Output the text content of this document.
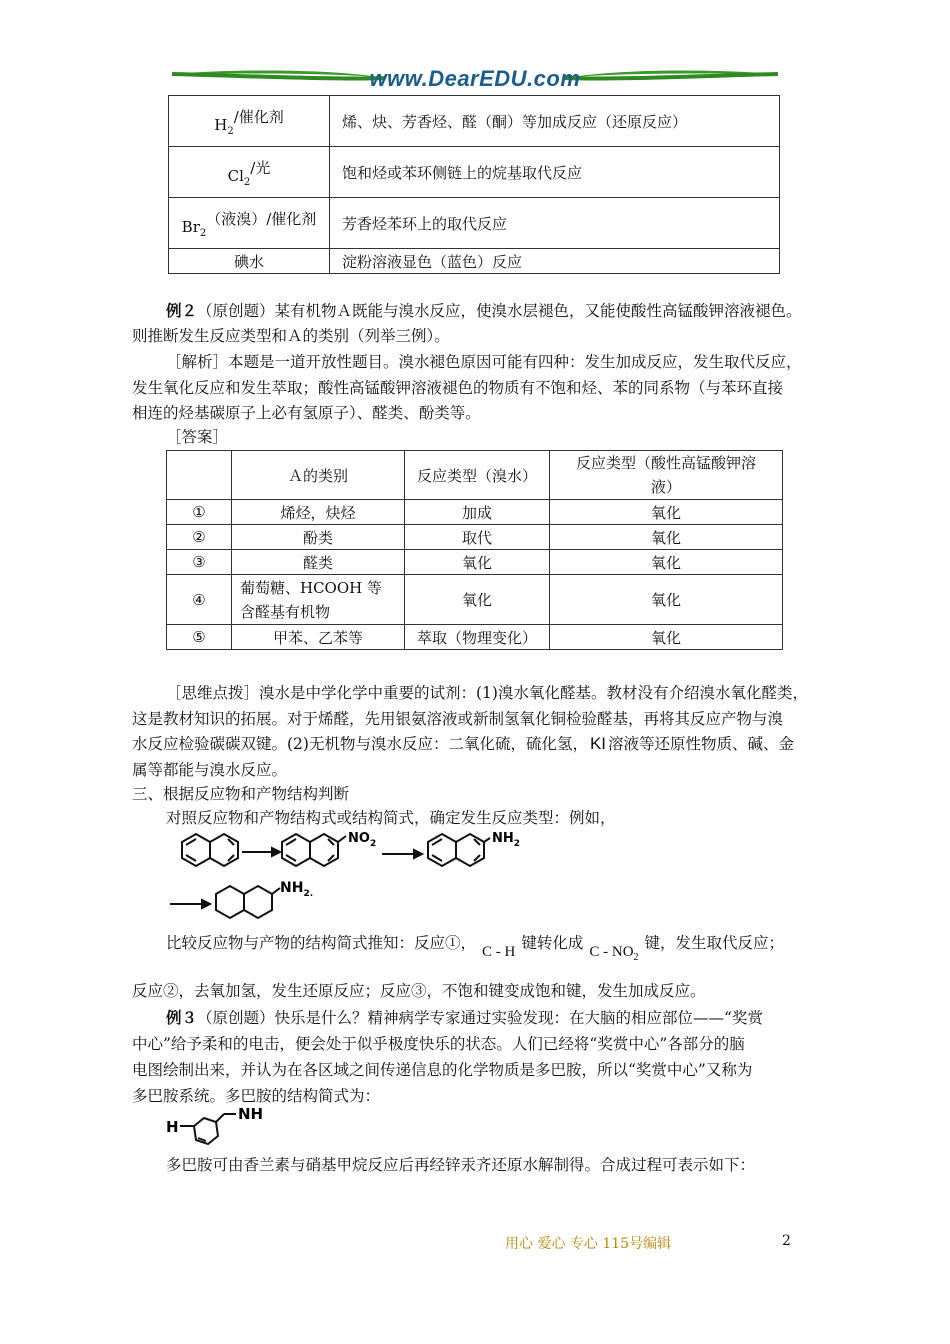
www.DearEDU.com
$H_2/$催化剂	烯、炔、芳香烃、醛（酮）等加成反应（还原反应）
$Cl_2/$光	饱和烃或苯环侧链上的烷基取代反应
$Br_2$（液溴）/催化剂	芳香烃苯环上的取代反应
碘水	淀粉溶液显色（蓝色）反应
例２（原创题）某有机物Ａ既能与溴水反应，使溴水层褪色，又能使酸性高锰酸钾溶液褪色。
则推断发生反应类型和Ａ的类别（列举三例）。
［解析］本题是一道开放性题目。溴水褪色原因可能有四种：发生加成反应，发生取代反应，
发生氧化反应和发生萃取；酸性高锰酸钾溶液褪色的物质有不饱和烃、苯的同系物（与苯环直接
相连的烃基碳原子上必有氢原子）、醛类、酚类等。
［答案］
	Ａ的类别	反应类型（溴水）	反应类型（酸性高锰酸钾溶
液）

①	烯烃，炔烃	加成	氧化
②	酚类	取代	氧化
③	醛类	氧化	氧化
④	葡萄糖、HCOOH 等
含醛基有机物	氧化	氧化
⑤	甲苯、乙苯等	萃取（物理变化）	氧化
［思维点拨］溴水是中学化学中重要的试剂：(1)溴水氧化醛基。教材没有介绍溴水氧化醛类，
这是教材知识的拓展。对于烯醛，先用银氨溶液或新制氢氧化铜检验醛基，再将其反应产物与溴
水反应检验碳碳双键。(2)无机物与溴水反应：二氧化硫，硫化氢， KI 溶液等还原性物质、碱、金
属等都能与溴水反应。
三、根据反应物和产物结构判断
对照反应物和产物结构式或结构简式，确定发生反应类型：例如，
$NO_2$	$NH_2$
$NH_{2.}$
比较反应物与产物的结构简式推知：反应①， C - H 键转化成 C - $NO_2$键，发生取代反应；
反应②，去氧加氢，发生还原反应；反应③，不饱和键变成饱和键，发生加成反应。
例３（原创题）快乐是什么？精神病学专家通过实验发现：在大脑的相应部位——“奖赏
中心”给予柔和的电击，便会处于似乎极度快乐的状态。人们已经将“奖赏中心”各部分的脑
电图绘制出来，并认为在各区域之间传递信息的化学物质是多巴胺，所以“奖赏中心”又称为
多巴胺系统。多巴胺的结构简式为：
H
NH
多巴胺可由香兰素与硝基甲烷反应后再经锌汞齐还原水解制得。合成过程可表示如下：
用心 爱心 专心 115号编辑	2
